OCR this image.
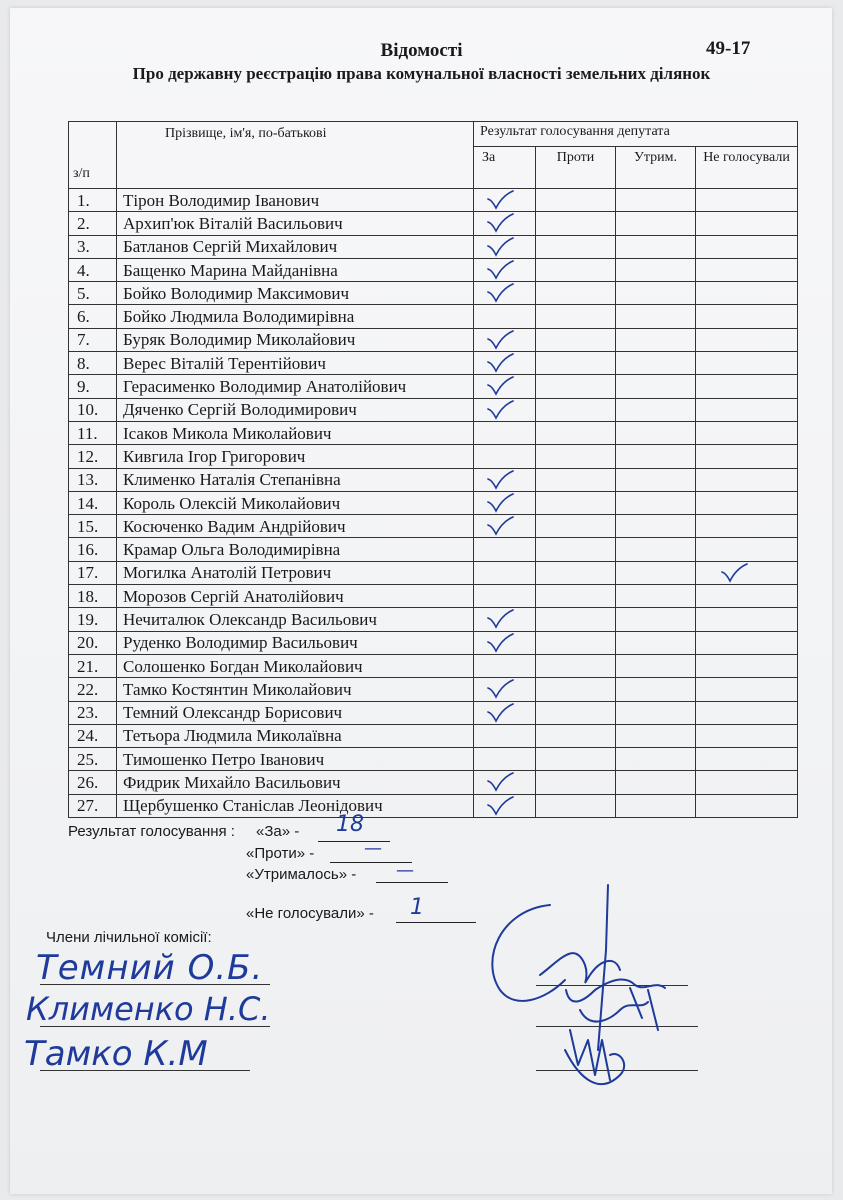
Відомості	49-17
Про державну реєстрацію права комунальної власності земельних ділянок
з/п	Прізвище, ім'я, по-батькові	Результат голосування депутата			
		За	Проти	Утрим.	Не голосували
1.	Тірон Володимир Іванович	

2.	Архип'юк Віталій Васильович	

3.	Батланов Сергій Михайлович	

4.	Бащенко Марина Майданівна	

5.	Бойко Володимир Максимович	

6.	Бойко Людмила Володимирівна				
7.	Буряк Володимир Миколайович	

8.	Верес Віталій Терентійович	

9.	Герасименко Володимир Анатолійович	

10.	Дяченко Сергій Володимирович	

11.	Ісаков Микола Миколайович				
12.	Кивгила Ігор Григорович				
13.	Клименко Наталія Степанівна	

14.	Король Олексій Миколайович	

15.	Косюченко Вадим Андрійович	

16.	Крамар Ольга Володимирівна				
17.	Могилка Анатолій Петрович				

18.	Морозов Сергій Анатолійович				
19.	Нечиталюк Олександр Васильович	

20.	Руденко Володимир Васильович	

21.	Солошенко Богдан Миколайович				
22.	Тамко Костянтин Миколайович	

23.	Темний Олександр Борисович	

24.	Тетьора Людмила Миколаївна				
25.	Тимошенко Петро Іванович				
26.	Фидрик Михайло Васильович	

27.	Щербушенко Станіслав Леонідович	

Результат голосування : «За» - 18
«Проти» -	—
«Утрималось» - —
«Не голосували» - 1
Члени лічильної комісії:
Темний О.Б.
Клименко Н.С.
Тамко К.М
